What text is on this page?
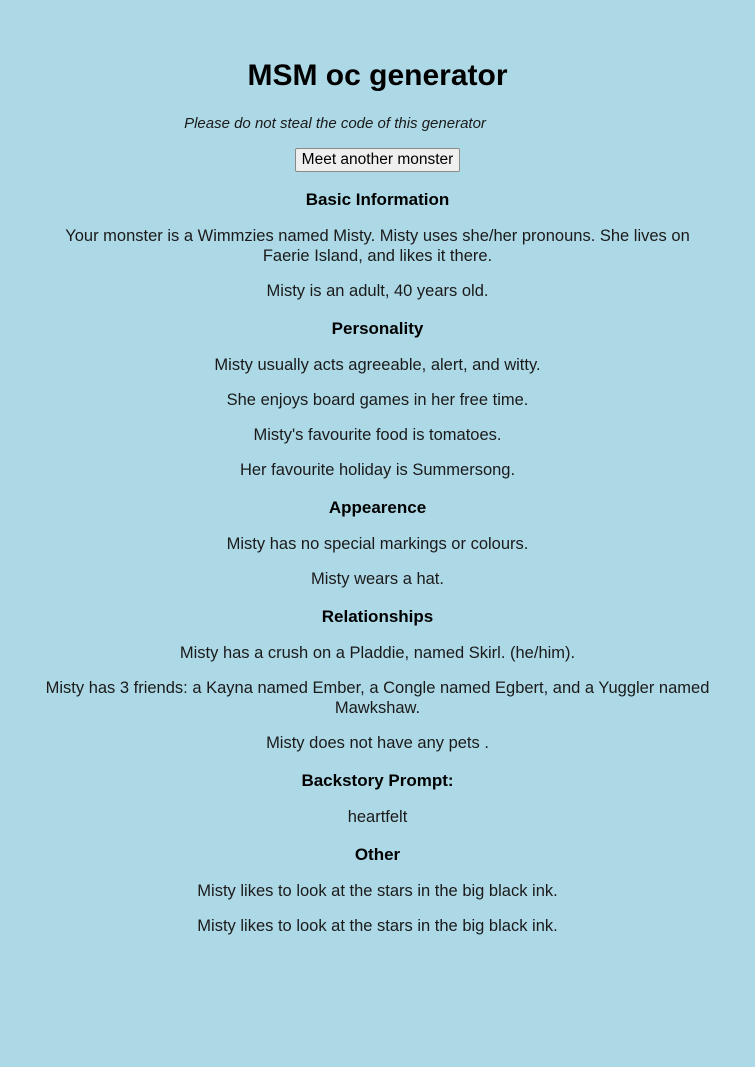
MSM oc generator

Please do not steal the code of this generator

Meet another monster
Basic Information

Your monster is a Wimmzies named Misty. Misty uses she/her pronouns. She lives on Faerie Island, and likes it there.

Misty is an adult, 40 years old.

Personality

Misty usually acts agreeable, alert, and witty.

She enjoys board games in her free time.

Misty's favourite food is tomatoes.

Her favourite holiday is Summersong.

Appearence

Misty has no special markings or colours.

Misty wears a hat.

Relationships

Misty has a crush on a Pladdie, named Skirl. (he/him).

Misty has 3 friends: a Kayna named Ember, a Congle named Egbert, and a Yuggler named Mawkshaw.

Misty does not have any pets .

Backstory Prompt:

heartfelt

Other

Misty likes to look at the stars in the big black ink.

Misty likes to look at the stars in the big black ink.
